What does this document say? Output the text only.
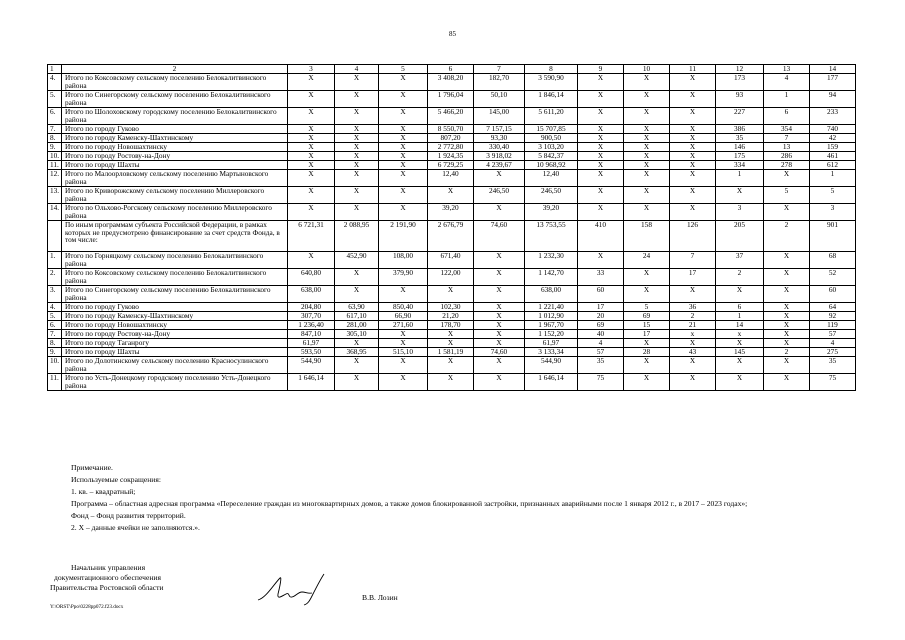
85
1	2	3	4	5	6	7	8	9	10	11	12	13	14
4.	Итого по Коксовскому сельскому поселению Белокалитвинского района	X	X	X	3 408,20	182,70	3 590,90	X	X	X	173	4	177
5.	Итого по Синегорскому сельскому поселению Белокалитвинского района	X	X	X	1 796,04	50,10	1 846,14	X	X	X	93	1	94
6.	Итого по Шолоховскому городскому поселению Белокалитвинского района	X	X	X	5 466,20	145,00	5 611,20	X	X	X	227	6	233
7.	Итого по городу Гуково	X	X	X	8 550,70	7 157,15	15 707,85	X	X	X	386	354	740
8.	Итого по городу Каменску-Шахтинскому	X	X	X	807,20	93,30	900,50	X	X	X	35	7	42
9.	Итого по городу Новошахтинску	X	X	X	2 772,80	330,40	3 103,20	X	X	X	146	13	159
10.	Итого по городу Ростову-на-Дону	X	X	X	1 924,35	3 918,02	5 842,37	X	X	X	175	286	461
11.	Итого по городу Шахты	X	X	X	6 729,25	4 239,67	10 968,92	X	X	X	334	278	612
12.	Итого по Малоорловскому сельскому поселению Мартыновского района	X	X	X	12,40	X	12,40	X	X	X	1	X	1
13.	Итого по Криворожскому сельскому поселению Миллеровского района	X	X	X	X	246,50	246,50	X	X	X	X	5	5
14.	Итого по Ольхово-Рогскому сельскому поселению Миллеровского района	X	X	X	39,20	X	39,20	X	X	X	3	X	3
	По иным программам субъекта Российской Федерации, в рамках которых не предусмотрено финансирование за счет средств Фонда, в том числе:	6 721,31	2 088,95	2 191,90	2 676,79	74,60	13 753,55	410	158	126	205	2	901
1.	Итого по Горняцкому сельскому поселению Белокалитвинского района	X	452,90	108,00	671,40	X	1 232,30	X	24	7	37	X	68
2.	Итого по Коксовскому сельскому поселению Белокалитвинского района	640,80	X	379,90	122,00	X	1 142,70	33	X	17	2	X	52
3.	Итого по Синегорскому сельскому поселению Белокалитвинского района	638,00	X	X	X	X	638,00	60	X	X	X	X	60
4.	Итого по городу Гуково	204,80	63,90	850,40	102,30	X	1 221,40	17	5	36	6	X	64
5.	Итого по городу Каменску-Шахтинскому	307,70	617,10	66,90	21,20	X	1 012,90	20	69	2	1	X	92
6.	Итого по городу Новошахтинску	1 236,40	281,00	271,60	178,70	X	1 967,70	69	15	21	14	X	119
7.	Итого по городу Ростову-на-Дону	847,10	305,10	X	X	X	1 152,20	40	17	x	x	X	57
8.	Итого по городу Таганрогу	61,97	X	X	X	X	61,97	4	X	X	X	X	4
9.	Итого по городу Шахты	593,50	368,95	515,10	1 581,19	74,60	3 133,34	57	28	43	145	2	275
10.	Итого по Долотинскому сельскому поселению Красносулинского района	544,90	X	X	X	X	544,90	35	X	X	X	X	35
11.	Итого по Усть-Донецкому городскому поселению Усть-Донецкого района	1 646,14	X	X	X	X	1 646,14	75	X	X	X	X	75

Примечание.

Используемые сокращения:

1. кв. – квадратный;

Программа – областная адресная программа «Переселение граждан из многоквартирных домов, а также домов блокированной застройки, признанных аварийными после 1 января 2012 г., в 2017 – 2023 годах»;

Фонд – Фонд развития территорий.

2. Х – данные ячейки не заполняются.».

Начальник управления

документационного обеспечения

Правительства Ростовской области

В.В. Лозин
Y:\ORST\Ppo\0228pp072.f23.docx
